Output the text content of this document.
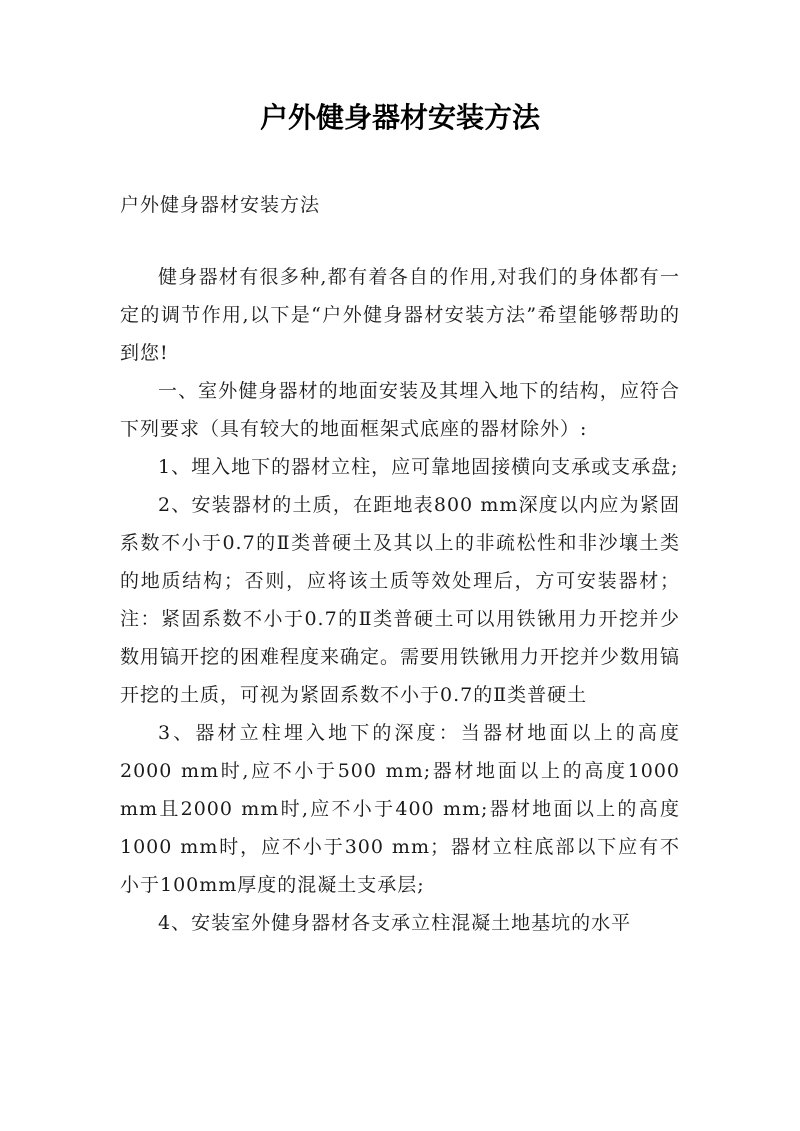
户外健身器材安装方法

户外健身器材安装方法

健身器材有很多种,都有着各自的作用,对我们的身体都有一定的调节作用,以下是“户外健身器材安装方法”希望能够帮助的到您!

一、室外健身器材的地面安装及其埋入地下的结构，应符合下列要求（具有较大的地面框架式底座的器材除外）:

1、埋入地下的器材立柱，应可靠地固接横向支承或支承盘;

2、安装器材的土质，在距地表800 mm深度以内应为紧固系数不小于0.7的Ⅱ类普硬土及其以上的非疏松性和非沙壤土类的地质结构；否则，应将该土质等效处理后，方可安装器材； 注：紧固系数不小于0.7的Ⅱ类普硬土可以用铁锹用力开挖并少数用镐开挖的困难程度来确定。需要用铁锹用力开挖并少数用镐开挖的土质，可视为紧固系数不小于0.7的Ⅱ类普硬土

3、器材立柱埋入地下的深度：当器材地面以上的高度2000 mm时,应不小于500 mm;器材地面以上的高度1000 mm且2000 mm时,应不小于400 mm;器材地面以上的高度1000 mm时，应不小于300 mm；器材立柱底部以下应有不小于100mm厚度的混凝土支承层;

4、安装室外健身器材各支承立柱混凝土地基坑的水平
